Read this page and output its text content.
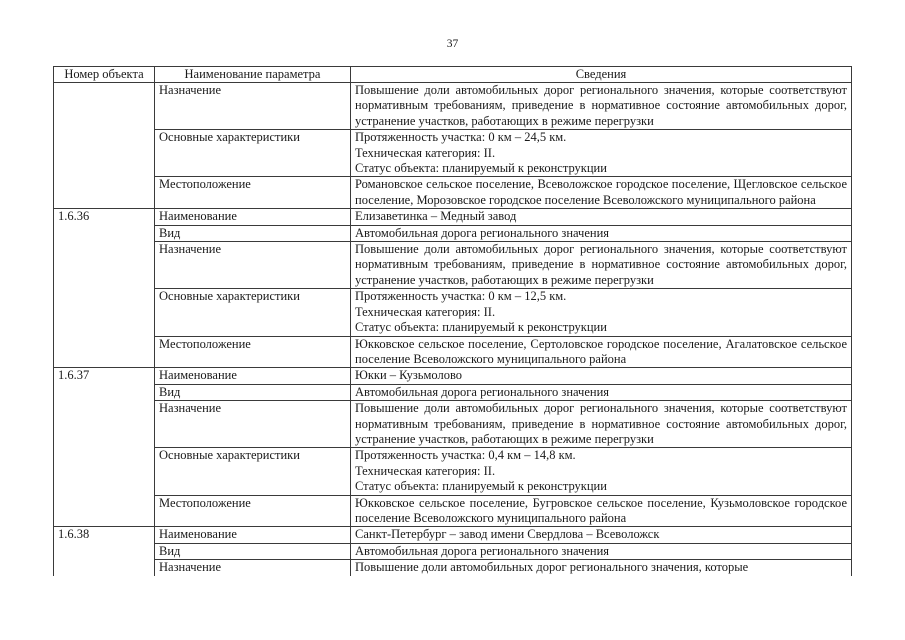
37
Номер объекта	Наименование параметра	Сведения
	Назначение	Повышение доли автомобильных дорог регионального значения, которые соответствуют нормативным требованиям, приведение в нормативное состояние автомобильных дорог, устранение участков, работающих в режиме перегрузки

	Основные характеристики	Протяженность участка: 0 км – 24,5 км.
Техническая категория: II.
Статус объекта: планируемый к реконструкции

	Местоположение	Романовское сельское поселение, Всеволожское городское поселение, Щегловское сельское поселение, Морозовское городское поселение Всеволожского муниципального района

1.6.36	Наименование	Елизаветинка – Медный завод

	Вид	Автомобильная дорога регионального значения

	Назначение	Повышение доли автомобильных дорог регионального значения, которые соответствуют нормативным требованиям, приведение в нормативное состояние автомобильных дорог, устранение участков, работающих в режиме перегрузки

	Основные характеристики	Протяженность участка: 0 км – 12,5 км.
Техническая категория: II.
Статус объекта: планируемый к реконструкции

	Местоположение	Юкковское сельское поселение, Сертоловское городское поселение, Агалатовское сельское поселение Всеволожского муниципального района

1.6.37	Наименование	Юкки – Кузьмолово

	Вид	Автомобильная дорога регионального значения

	Назначение	Повышение доли автомобильных дорог регионального значения, которые соответствуют нормативным требованиям, приведение в нормативное состояние автомобильных дорог, устранение участков, работающих в режиме перегрузки

	Основные характеристики	Протяженность участка: 0,4 км – 14,8 км.
Техническая категория: II.
Статус объекта: планируемый к реконструкции

	Местоположение	Юкковское сельское поселение, Бугровское сельское поселение, Кузьмоловское городское поселение Всеволожского муниципального района

1.6.38	Наименование	Санкт-Петербург – завод имени Свердлова – Всеволожск

	Вид	Автомобильная дорога регионального значения

	Назначение	Повышение доли автомобильных дорог регионального значения, которые
